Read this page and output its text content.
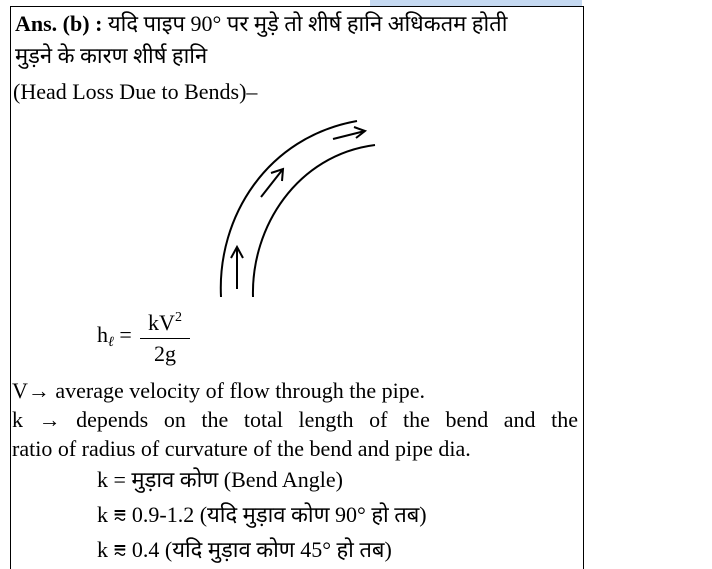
Ans. (b) : यदि पाइप 90° पर मुड़े तो शीर्ष हानि अधिकतम होती
मुड़ने के कारण शीर्ष हानि
(Head Loss Due to Bends)–
$h_\ell = kV^2$
2g
V→ average velocity of flow through the pipe.
k → depends on the total length of the bend and the
ratio of radius of curvature of the bend and pipe dia.
k = मुड़ाव कोण (Bend Angle)
k ⩳ 0.9-1.2 (यदि मुड़ाव कोण 90° हो तब)
k ⩳ 0.4 (यदि मुड़ाव कोण 45° हो तब)
